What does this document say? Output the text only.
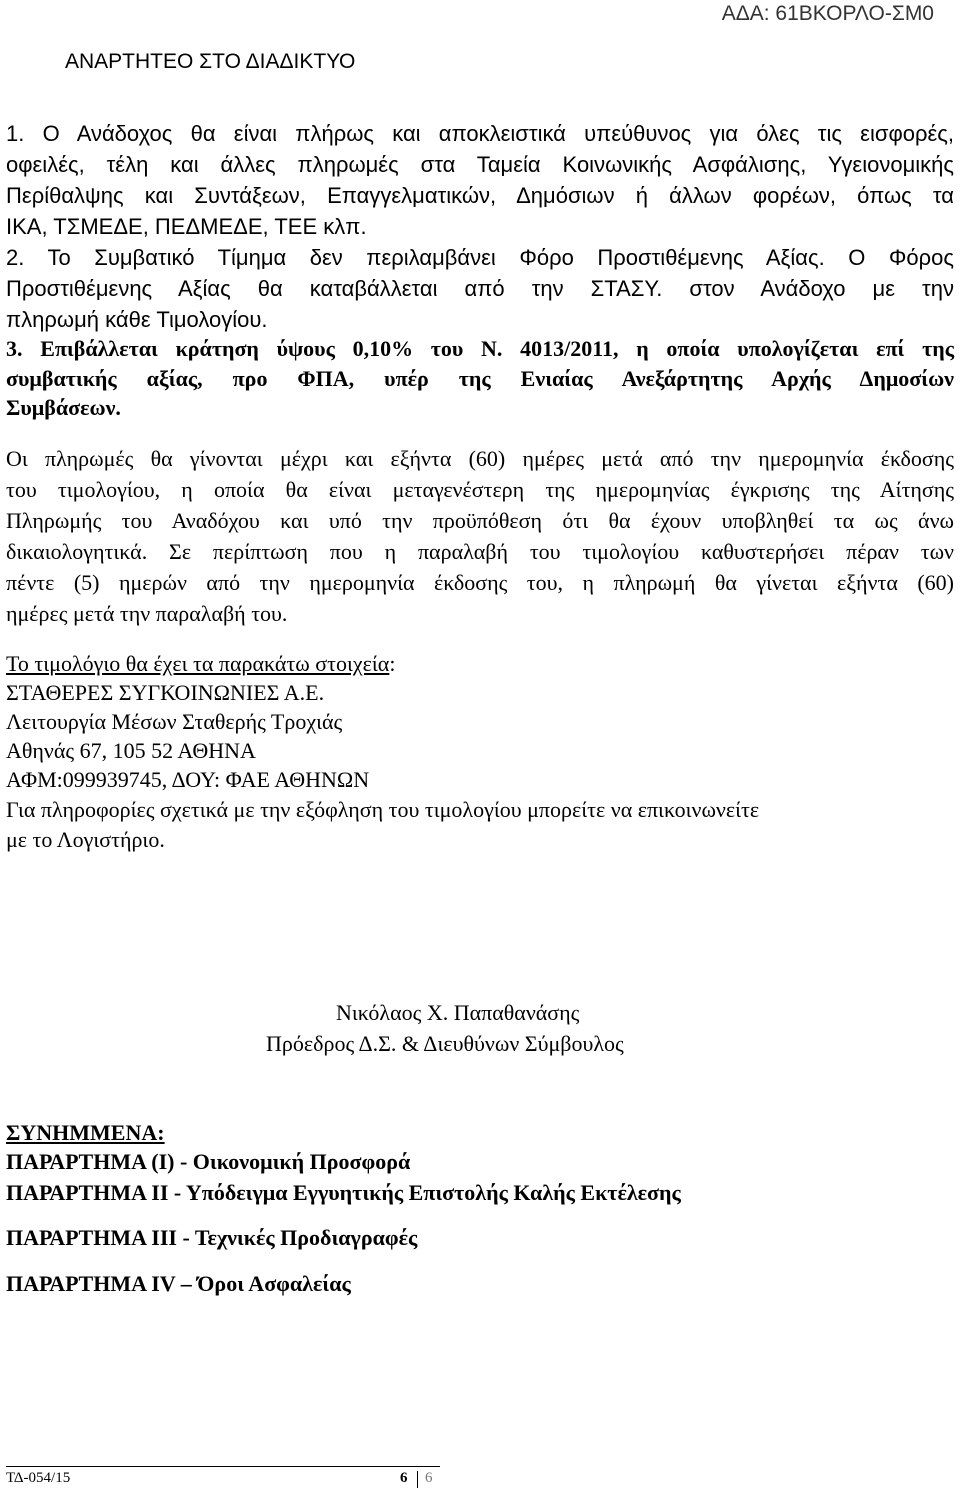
ΑΔΑ: 61ΒΚΟΡΛΟ-ΣΜ0
ΑΝΑΡΤΗΤΕΟ ΣΤΟ ΔΙΑΔΙΚΤΥΟ
1. Ο Ανάδοχος θα είναι πλήρως και αποκλειστικά υπεύθυνος για όλες τις εισφορές,
οφειλές, τέλη και άλλες πληρωμές στα Ταμεία Κοινωνικής Ασφάλισης, Υγειονομικής
Περίθαλψης και Συντάξεων, Επαγγελματικών, Δημόσιων ή άλλων φορέων, όπως τα
ΙΚΑ, ΤΣΜΕΔΕ, ΠΕΔΜΕΔΕ, ΤΕΕ κλπ.
2. Το Συμβατικό Τίμημα δεν περιλαμβάνει Φόρο Προστιθέμενης Αξίας. Ο Φόρος
Προστιθέμενης Αξίας θα καταβάλλεται από την ΣΤΑΣΥ. στον Ανάδοχο με την
πληρωμή κάθε Τιμολογίου.
3. Επιβάλλεται κράτηση ύψους 0,10% του Ν. 4013/2011, η οποία υπολογίζεται επί της
συμβατικής αξίας, προ ΦΠΑ, υπέρ της Ενιαίας Ανεξάρτητης Αρχής Δημοσίων
Συμβάσεων.
Οι πληρωμές θα γίνονται μέχρι και εξήντα (60) ημέρες μετά από την ημερομηνία έκδοσης
του τιμολογίου, η οποία θα είναι μεταγενέστερη της ημερομηνίας έγκρισης της Αίτησης
Πληρωμής του Αναδόχου και υπό την προϋπόθεση ότι θα έχουν υποβληθεί τα ως άνω
δικαιολογητικά. Σε περίπτωση που η παραλαβή του τιμολογίου καθυστερήσει πέραν των
πέντε (5) ημερών από την ημερομηνία έκδοσης του, η πληρωμή θα γίνεται εξήντα (60)
ημέρες μετά την παραλαβή του.
Το τιμολόγιο θα έχει τα παρακάτω στοιχεία:
ΣΤΑΘΕΡΕΣ ΣΥΓΚΟΙΝΩΝΙΕΣ Α.Ε.
Λειτουργία Μέσων Σταθερής Τροχιάς
Αθηνάς 67, 105 52 ΑΘΗΝΑ
ΑΦΜ:099939745, ΔΟΥ: ΦΑΕ ΑΘΗΝΩΝ
Για πληροφορίες σχετικά με την εξόφληση του τιμολογίου μπορείτε να επικοινωνείτε
με το Λογιστήριο.
Νικόλαος Χ. Παπαθανάσης
Πρόεδρος Δ.Σ. & Διευθύνων Σύμβουλος
ΣΥΝΗΜΜΕΝΑ:
ΠΑΡΑΡΤΗΜΑ (Ι) - Οικονομική Προσφορά
ΠΑΡΑΡΤΗΜΑ ΙΙ - Υπόδειγμα Εγγυητικής Επιστολής Καλής Εκτέλεσης
ΠΑΡΑΡΤΗΜΑ ΙΙΙ - Τεχνικές Προδιαγραφές
ΠΑΡΑΡΤΗΜΑ IV – Όροι Ασφαλείας
ΤΔ-054/15	6 6
